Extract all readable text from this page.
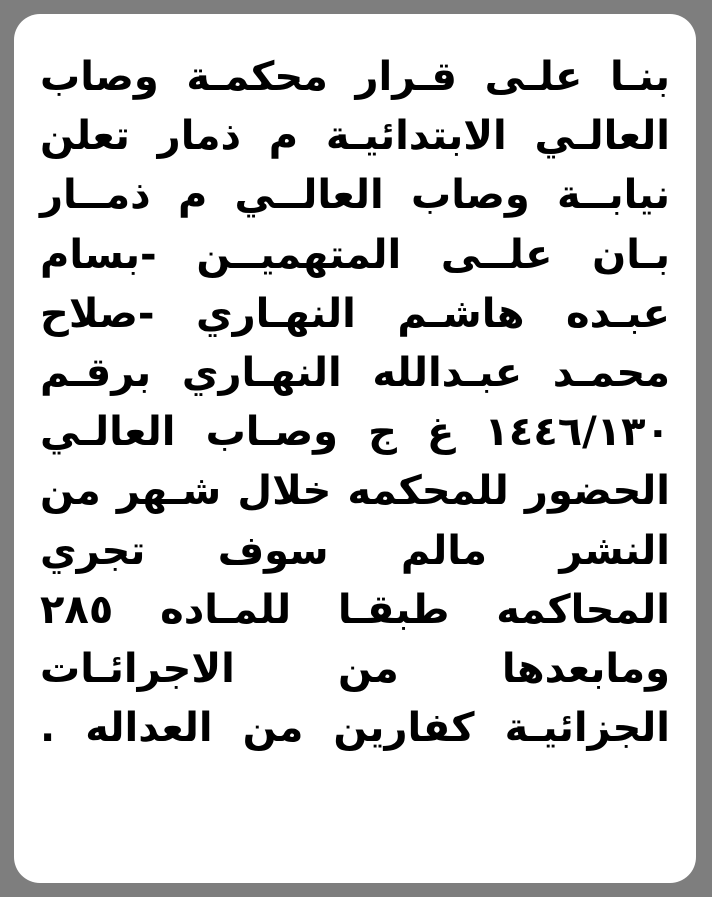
بنـا علـى قـرار محكمـة وصاب العالـي الابتدائيـة م ذمار تعلن نيابــة وصاب العالــي م ذمــار بـان علــى المتهميــن -بسام عبـده هاشـم النهـاري -صلاح محمـد عبـدالله النهـاري برقـم ١٤٤٦/١٣٠ غ ج وصـاب العالـي الحضور للمحكمه خلال شـهر من النشر مالم سوف تجري المحاكمه طبقـا للمـاده ٢٨٥ ومابعدها من الاجرائـات الجزائيـة كفارين من العداله .
